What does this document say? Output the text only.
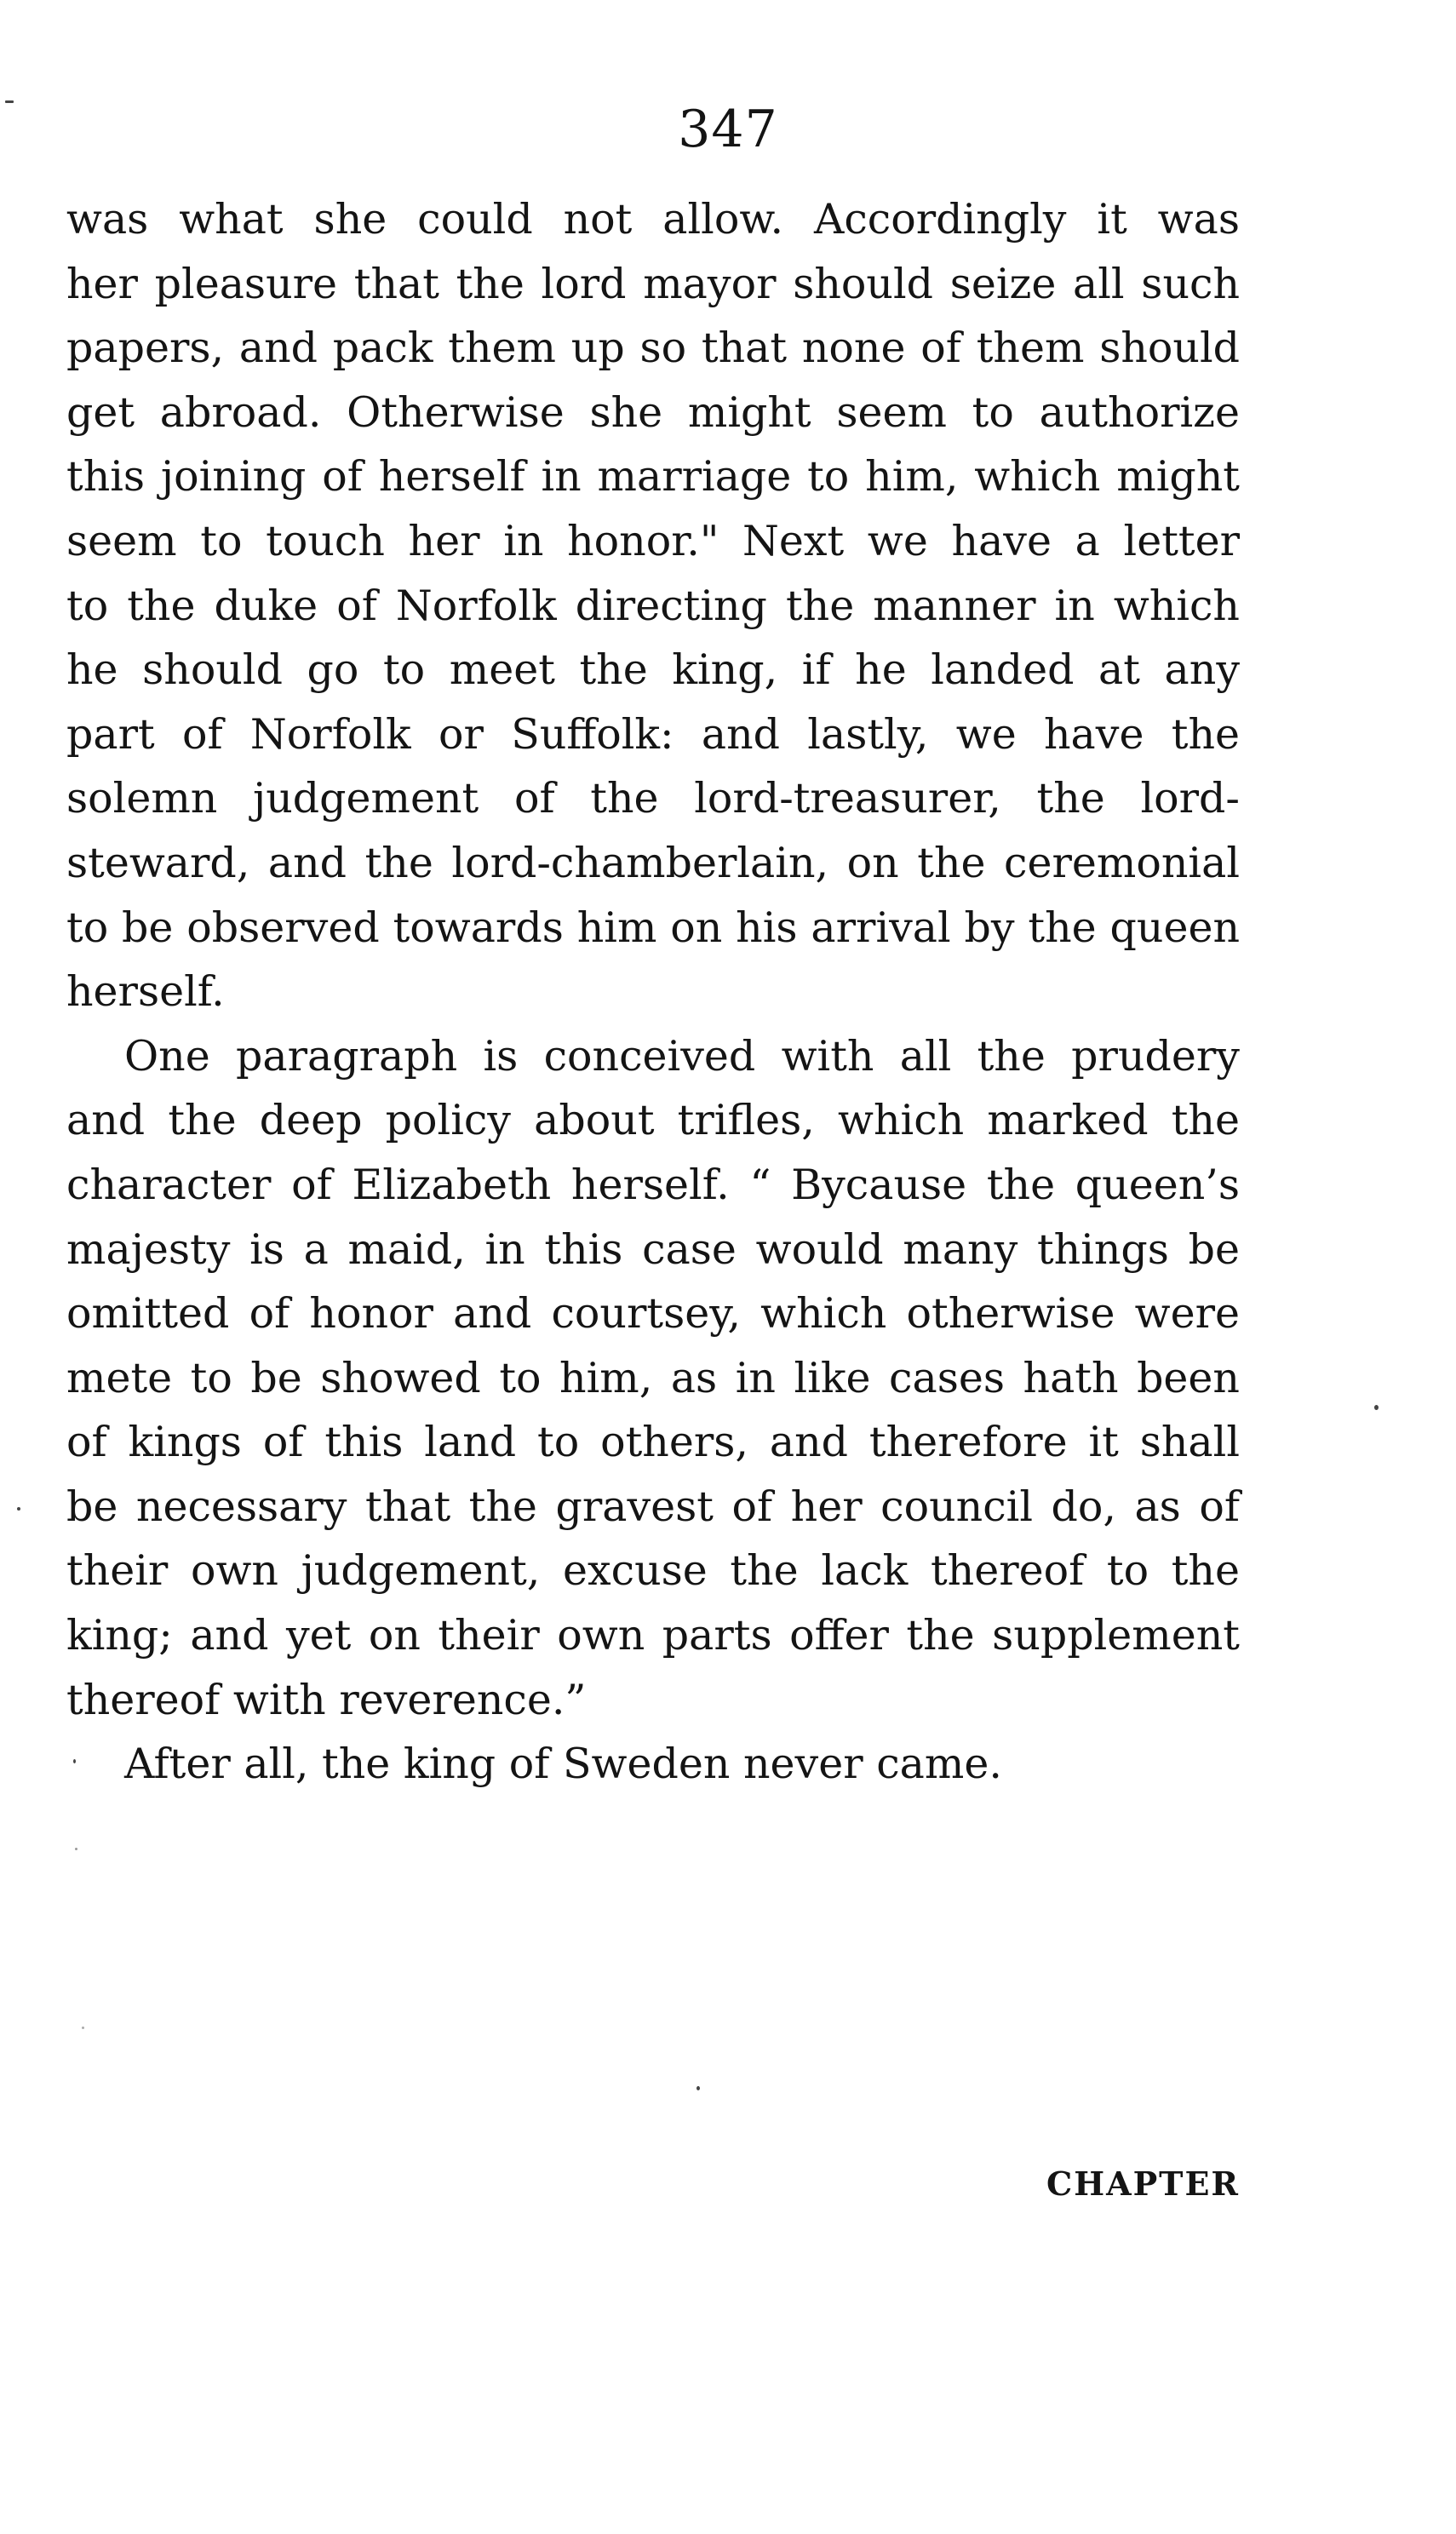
347
was what she could not allow. Accordingly it was
her pleasure that the lord mayor should seize all such
papers, and pack them up so that none of them should
get abroad. Otherwise she might seem to authorize
this joining of herself in marriage to him, which might
seem to touch her in honor." Next we have a letter
to the duke of Norfolk directing the manner in which
he should go to meet the king, if he landed at any
part of Norfolk or Suffolk: and lastly, we have the
solemn judgement of the lord-treasurer, the lord-
steward, and the lord-chamberlain, on the ceremonial
to be observed towards him on his arrival by the queen
herself.
One paragraph is conceived with all the prudery
and the deep policy about trifles, which marked the
character of Elizabeth herself. “ Bycause the queen’s
majesty is a maid, in this case would many things be
omitted of honor and courtsey, which otherwise were
mete to be showed to him, as in like cases hath been
of kings of this land to others, and therefore it shall
be necessary that the gravest of her council do, as of
their own judgement, excuse the lack thereof to the
king; and yet on their own parts offer the supplement
thereof with reverence.”
After all, the king of Sweden never came.
CHAPTER
